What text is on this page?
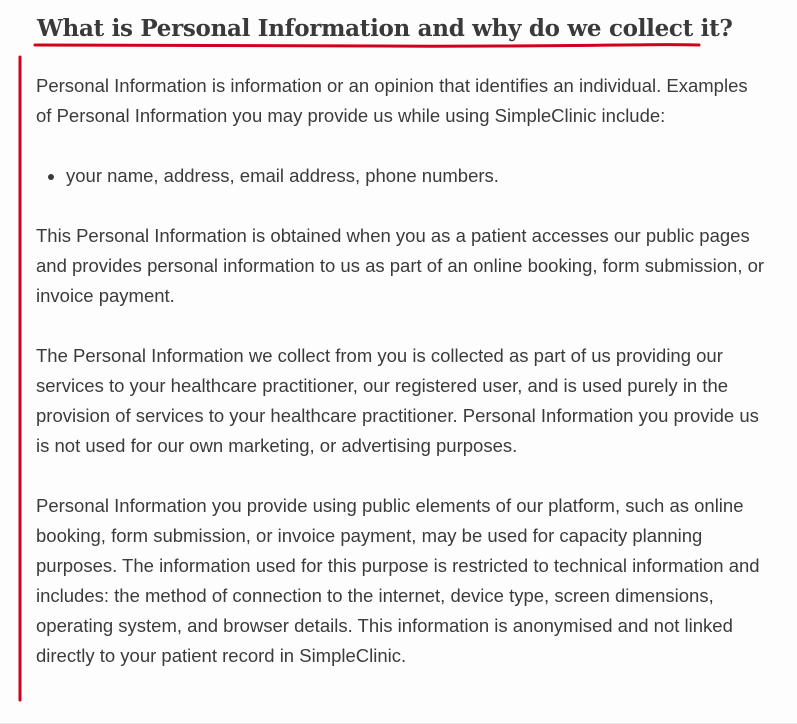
What is Personal Information and why do we collect it?

Personal Information is information or an opinion that identifies an individual. Examples of Personal Information you may provide us while using SimpleClinic include:

• your name, address, email address, phone numbers.

This Personal Information is obtained when you as a patient accesses our public pages and provides personal information to us as part of an online booking, form submission, or invoice payment.

The Personal Information we collect from you is collected as part of us providing our services to your healthcare practitioner, our registered user, and is used purely in the provision of services to your healthcare practitioner. Personal Information you provide us is not used for our own marketing, or advertising purposes.

Personal Information you provide using public elements of our platform, such as online booking, form submission, or invoice payment, may be used for capacity planning purposes. The information used for this purpose is restricted to technical information and includes: the method of connection to the internet, device type, screen dimensions, operating system, and browser details. This information is anonymised and not linked directly to your patient record in SimpleClinic.
